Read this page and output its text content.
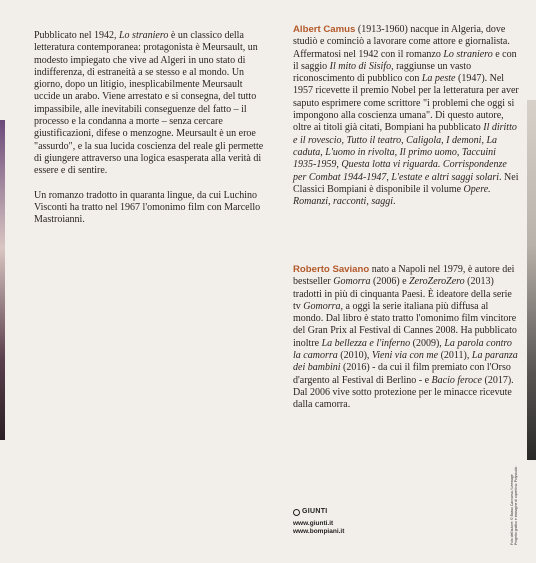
Pubblicato nel 1942, Lo straniero è un classico della letteratura contemporanea: protagonista è Meursault, un modesto impiegato che vive ad Algeri in uno stato di indifferenza, di estraneità a se stesso e al mondo. Un giorno, dopo un litigio, inesplicabilmente Meursault uccide un arabo. Viene arrestato e si consegna, del tutto impassibile, alle inevitabili conseguenze del fatto – il processo e la condanna a morte – senza cercare giustificazioni, difese o menzogne. Meursault è un eroe "assurdo", e la sua lucida coscienza del reale gli permette di giungere attraverso una logica esasperata alla verità di essere e di sentire.

Un romanzo tradotto in quaranta lingue, da cui Luchino Visconti ha tratto nel 1967 l'omonimo film con Marcello Mastroianni.

Albert Camus (1913-1960) nacque in Algeria, dove studiò e cominciò a lavorare come attore e giornalista. Affermatosi nel 1942 con il romanzo Lo straniero e con il saggio Il mito di Sisifo, raggiunse un vasto riconoscimento di pubblico con La peste (1947). Nel 1957 ricevette il premio Nobel per la letteratura per aver saputo esprimere come scrittore "i problemi che oggi si impongono alla coscienza umana". Di questo autore, oltre ai titoli già citati, Bompiani ha pubblicato Il diritto e il rovescio, Tutto il teatro, Caligola, I demoni, La caduta, L'uomo in rivolta, Il primo uomo, Taccuini 1935-1959, Questa lotta vi riguarda. Corrispondenze per Combat 1944-1947, L'estate e altri saggi solari. Nei Classici Bompiani è disponibile il volume Opere. Romanzi, racconti, saggi.

Roberto Saviano nato a Napoli nel 1979, è autore dei bestseller Gomorra (2006) e ZeroZeroZero (2013) tradotti in più di cinquanta Paesi. È ideatore della serie tv Gomorra, a oggi la serie italiana più diffusa al mondo. Dal libro è stato tratto l'omonimo film vincitore del Gran Prix al Festival di Cannes 2008. Ha pubblicato inoltre La bellezza e l'inferno (2009), La parola contro la camorra (2010), Vieni via con me (2011), La paranza dei bambini (2016) - da cui il film premiato con l'Orso d'argento al Festival di Berlino - e Bacio feroce (2017). Dal 2006 vive sotto protezione per le minacce ricevute dalla camorra.

GIUNTI
www.giunti.it
www.bompiani.it	Foto dell'autore: © Basso Cannarsa / Leemage Progetto grafico e immagine di copertina: Polystudio
